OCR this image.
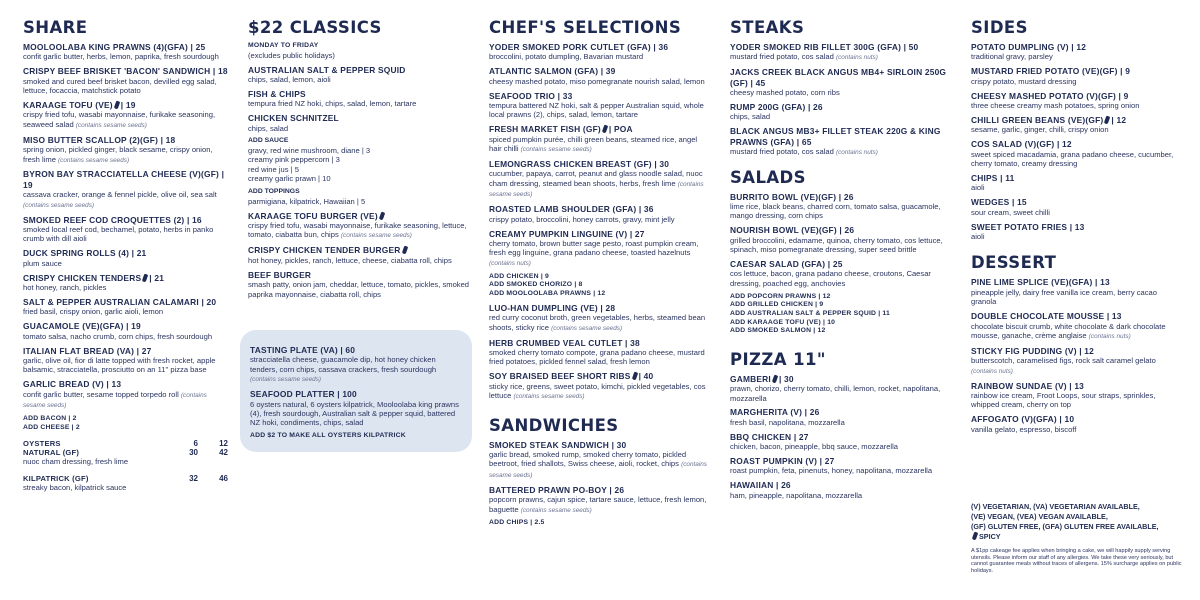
SHARE
MOOLOOLABA KING PRAWNS (4)(GFA) | 25
confit garlic butter, herbs, lemon, paprika, fresh sourdough
CRISPY BEEF BRISKET 'BACON' SANDWICH | 18
smoked and cured beef brisket bacon, devilled egg salad, lettuce, focaccia, matchstick potato
KARAAGE TOFU (VE) | 19
crispy fried tofu, wasabi mayonnaise, furikake seasoning, seaweed salad (contains sesame seeds)
MISO BUTTER SCALLOP (2)(GF) | 18
spring onion, pickled ginger, black sesame, crispy onion, fresh lime (contains sesame seeds)
BYRON BAY STRACCIATELLA CHEESE (V)(GF) | 19
cassava cracker, orange & fennel pickle, olive oil, sea salt (contains sesame seeds)
SMOKED REEF COD CROQUETTES (2) | 16
smoked local reef cod, bechamel, potato, herbs in panko crumb with dill aioli
DUCK SPRING ROLLS (4) | 21
plum sauce
CRISPY CHICKEN TENDERS | 21
hot honey, ranch, pickles
SALT & PEPPER AUSTRALIAN CALAMARI | 20
fried basil, crispy onion, garlic aioli, lemon
GUACAMOLE (VE)(GFA) | 19
tomato salsa, nacho crumb, corn chips, fresh sourdough
ITALIAN FLAT BREAD (VA) | 27
garlic, olive oil, fior di latte topped with fresh rocket, apple balsamic, stracciatella, prosciutto on an 11" pizza base
GARLIC BREAD (V) | 13
confit garlic butter, sesame topped torpedo roll (contains sesame seeds)
ADD BACON | 2
ADD CHEESE | 2
OYSTERS	6	12
NATURAL (GF)	30	42
nuoc cham dressing, fresh lime		
KILPATRICK (GF)	32	46
streaky bacon, kilpatrick sauce		
$22 CLASSICS
MONDAY TO FRIDAY
(excludes public holidays)
AUSTRALIAN SALT & PEPPER SQUID
chips, salad, lemon, aioli
FISH & CHIPS
tempura fried NZ hoki, chips, salad, lemon, tartare
CHICKEN SCHNITZEL
chips, salad
ADD SAUCE
gravy, red wine mushroom, diane | 3
creamy pink peppercorn | 3
red wine jus | 5
creamy garlic prawn | 10
ADD TOPPINGS
parmigiana, kilpatrick, Hawaiian | 5
KARAAGE TOFU BURGER (VE)
crispy fried tofu, wasabi mayonnaise, furikake seasoning, lettuce, tomato, ciabatta bun, chips (contains sesame seeds)
CRISPY CHICKEN TENDER BURGER
hot honey, pickles, ranch, lettuce, cheese, ciabatta roll, chips
BEEF BURGER
smash patty, onion jam, cheddar, lettuce, tomato, pickles, smoked paprika mayonnaise, ciabatta roll, chips
TASTING PLATE (VA) | 60
stracciatella cheese, guacamole dip, hot honey chicken tenders, corn chips, cassava crackers, fresh sourdough (contains sesame seeds)
SEAFOOD PLATTER | 100
6 oysters natural, 6 oysters kilpatrick, Mooloolaba king prawns (4), fresh sourdough, Australian salt & pepper squid, battered NZ hoki, condiments, chips, salad
ADD $2 TO MAKE ALL OYSTERS KILPATRICK
CHEF'S SELECTIONS
YODER SMOKED PORK CUTLET (GFA) | 36
broccolini, potato dumpling, Bavarian mustard
ATLANTIC SALMON (GFA) | 39
cheesy mashed potato, miso pomegranate nourish salad, lemon
SEAFOOD TRIO | 33
tempura battered NZ hoki, salt & pepper Australian squid, whole local prawns (2), chips, salad, lemon, tartare
FRESH MARKET FISH (GF) | POA
spiced pumpkin purée, chilli green beans, steamed rice, angel hair chilli (contains sesame seeds)
LEMONGRASS CHICKEN BREAST (GF) | 30
cucumber, papaya, carrot, peanut and glass noodle salad, nuoc cham dressing, steamed bean shoots, herbs, fresh lime (contains sesame seeds)
ROASTED LAMB SHOULDER (GFA) | 36
crispy potato, broccolini, honey carrots, gravy, mint jelly
CREAMY PUMPKIN LINGUINE (V) | 27
cherry tomato, brown butter sage pesto, roast pumpkin cream, fresh egg linguine, grana padano cheese, toasted hazelnuts (contains nuts)
ADD CHICKEN | 9
ADD SMOKED CHORIZO | 8
ADD MOOLOOLABA PRAWNS | 12
LUO-HAN DUMPLING (VE) | 28
red curry coconut broth, green vegetables, herbs, steamed bean shoots, sticky rice (contains sesame seeds)
HERB CRUMBED VEAL CUTLET | 38
smoked cherry tomato compote, grana padano cheese, mustard fried potatoes, pickled fennel salad, fresh lemon
SOY BRAISED BEEF SHORT RIBS | 40
sticky rice, greens, sweet potato, kimchi, pickled vegetables, cos lettuce (contains sesame seeds)
SANDWICHES
SMOKED STEAK SANDWICH | 30
garlic bread, smoked rump, smoked cherry tomato, pickled beetroot, fried shallots, Swiss cheese, aioli, rocket, chips (contains sesame seeds)
BATTERED PRAWN PO-BOY | 26
popcorn prawns, cajun spice, tartare sauce, lettuce, fresh lemon, baguette (contains sesame seeds)
ADD CHIPS | 2.5
STEAKS
YODER SMOKED RIB FILLET 300G (GFA) | 50
mustard fried potato, cos salad (contains nuts)
JACKS CREEK BLACK ANGUS MB4+ SIRLOIN 250G (GF) | 45
cheesy mashed potato, corn ribs
RUMP 200G (GFA) | 26
chips, salad
BLACK ANGUS MB3+ FILLET STEAK 220G & KING PRAWNS (GFA) | 65
mustard fried potato, cos salad (contains nuts)
SALADS
BURRITO BOWL (VE)(GF) | 26
lime rice, black beans, charred corn, tomato salsa, guacamole, mango dressing, corn chips
NOURISH BOWL (VE)(GF) | 26
grilled broccolini, edamame, quinoa, cherry tomato, cos lettuce, spinach, miso pomegranate dressing, super seed brittle
CAESAR SALAD (GFA) | 25
cos lettuce, bacon, grana padano cheese, croutons, Caesar dressing, poached egg, anchovies
ADD POPCORN PRAWNS | 12
ADD GRILLED CHICKEN | 9
ADD AUSTRALIAN SALT & PEPPER SQUID | 11
ADD KARAAGE TOFU (VE) | 10
ADD SMOKED SALMON | 12
PIZZA 11"
GAMBERI | 30
prawn, chorizo, cherry tomato, chilli, lemon, rocket, napolitana, mozzarella
MARGHERITA (V) | 26
fresh basil, napolitana, mozzarella
BBQ CHICKEN | 27
chicken, bacon, pineapple, bbq sauce, mozzarella
ROAST PUMPKIN (V) | 27
roast pumpkin, feta, pinenuts, honey, napolitana, mozzarella
HAWAIIAN | 26
ham, pineapple, napolitana, mozzarella
SIDES
POTATO DUMPLING (V) | 12
traditional gravy, parsley
MUSTARD FRIED POTATO (VE)(GF) | 9
crispy potato, mustard dressing
CHEESY MASHED POTATO (V)(GF) | 9
three cheese creamy mash potatoes, spring onion
CHILLI GREEN BEANS (VE)(GF) | 12
sesame, garlic, ginger, chilli, crispy onion
COS SALAD (V)(GF) | 12
sweet spiced macadamia, grana padano cheese, cucumber, cherry tomato, creamy dressing
CHIPS | 11
aioli
WEDGES | 15
sour cream, sweet chilli
SWEET POTATO FRIES | 13
aioli
DESSERT
PINE LIME SPLICE (VE)(GFA) | 13
pineapple jelly, dairy free vanilla ice cream, berry cacao granola
DOUBLE CHOCOLATE MOUSSE | 13
chocolate biscuit crumb, white chocolate & dark chocolate mousse, ganache, crème anglaise (contains nuts)
STICKY FIG PUDDING (V) | 12
butterscotch, caramelised figs, rock salt caramel gelato (contains nuts)
RAINBOW SUNDAE (V) | 13
rainbow ice cream, Froot Loops, sour straps, sprinkles, whipped cream, cherry on top
AFFOGATO (V)(GFA) | 10
vanilla gelato, espresso, biscoff
(V) VEGETARIAN, (VA) VEGETARIAN AVAILABLE,
(VE) VEGAN, (VEA) VEGAN AVAILABLE,
(GF) GLUTEN FREE, (GFA) GLUTEN FREE AVAILABLE,
SPICY
A $1pp cakeage fee applies when bringing a cake, we will happily supply serving utensils. Please inform our staff of any allergies. We take these very seriously, but cannot guarantee meals without traces of allergens. 15% surcharge applies on public holidays.
